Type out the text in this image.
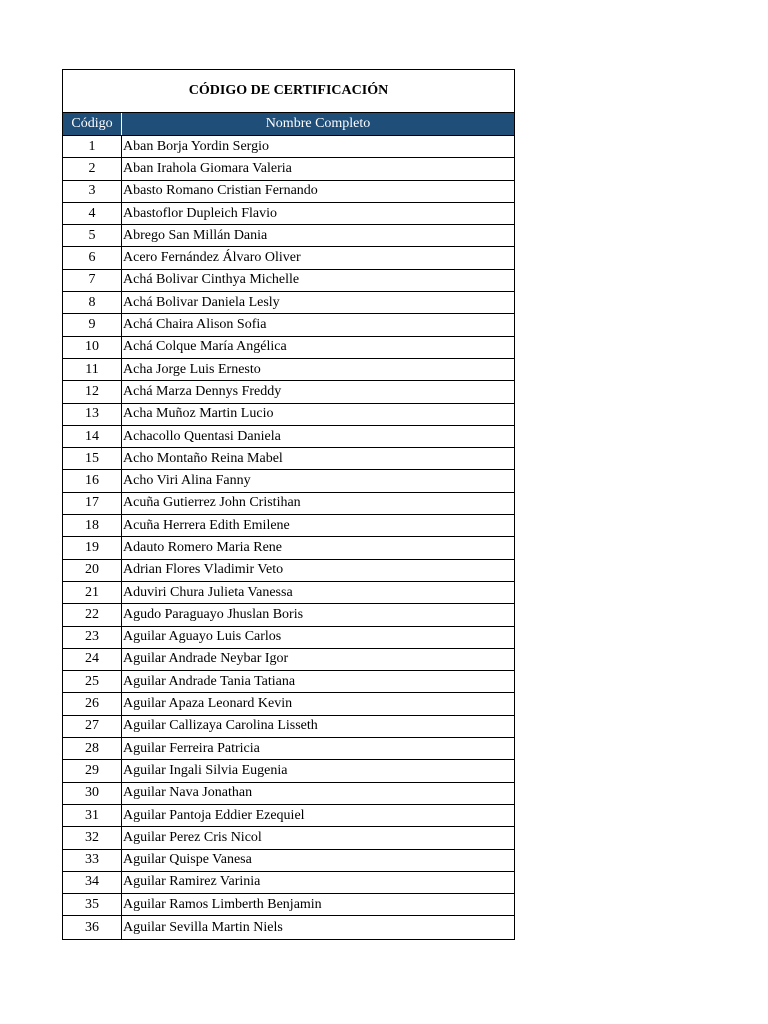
CÓDIGO DE CERTIFICACIÓN
Código	Nombre Completo
1	Aban Borja Yordin Sergio
2	Aban Irahola Giomara Valeria
3	Abasto Romano Cristian Fernando
4	Abastoflor Dupleich Flavio
5	Abrego San Millán Dania
6	Acero Fernández Álvaro Oliver
7	Achá Bolivar Cinthya Michelle
8	Achá Bolivar Daniela Lesly
9	Achá Chaira Alison Sofia
10	Achá Colque María Angélica
11	Acha Jorge Luis Ernesto
12	Achá Marza Dennys Freddy
13	Acha Muñoz Martin Lucio
14	Achacollo Quentasi Daniela
15	Acho Montaño Reina Mabel
16	Acho Viri Alina Fanny
17	Acuña Gutierrez John Cristihan
18	Acuña Herrera Edith Emilene
19	Adauto Romero Maria Rene
20	Adrian Flores Vladimir Veto
21	Aduviri Chura Julieta Vanessa
22	Agudo Paraguayo Jhuslan Boris
23	Aguilar Aguayo Luis Carlos
24	Aguilar Andrade Neybar Igor
25	Aguilar Andrade Tania Tatiana
26	Aguilar Apaza Leonard Kevin
27	Aguilar Callizaya Carolina Lisseth
28	Aguilar Ferreira Patricia
29	Aguilar Ingali Silvia Eugenia
30	Aguilar Nava Jonathan
31	Aguilar Pantoja Eddier Ezequiel
32	Aguilar Perez Cris Nicol
33	Aguilar Quispe Vanesa
34	Aguilar Ramirez Varinia
35	Aguilar Ramos Limberth Benjamin
36	Aguilar Sevilla Martin Niels
